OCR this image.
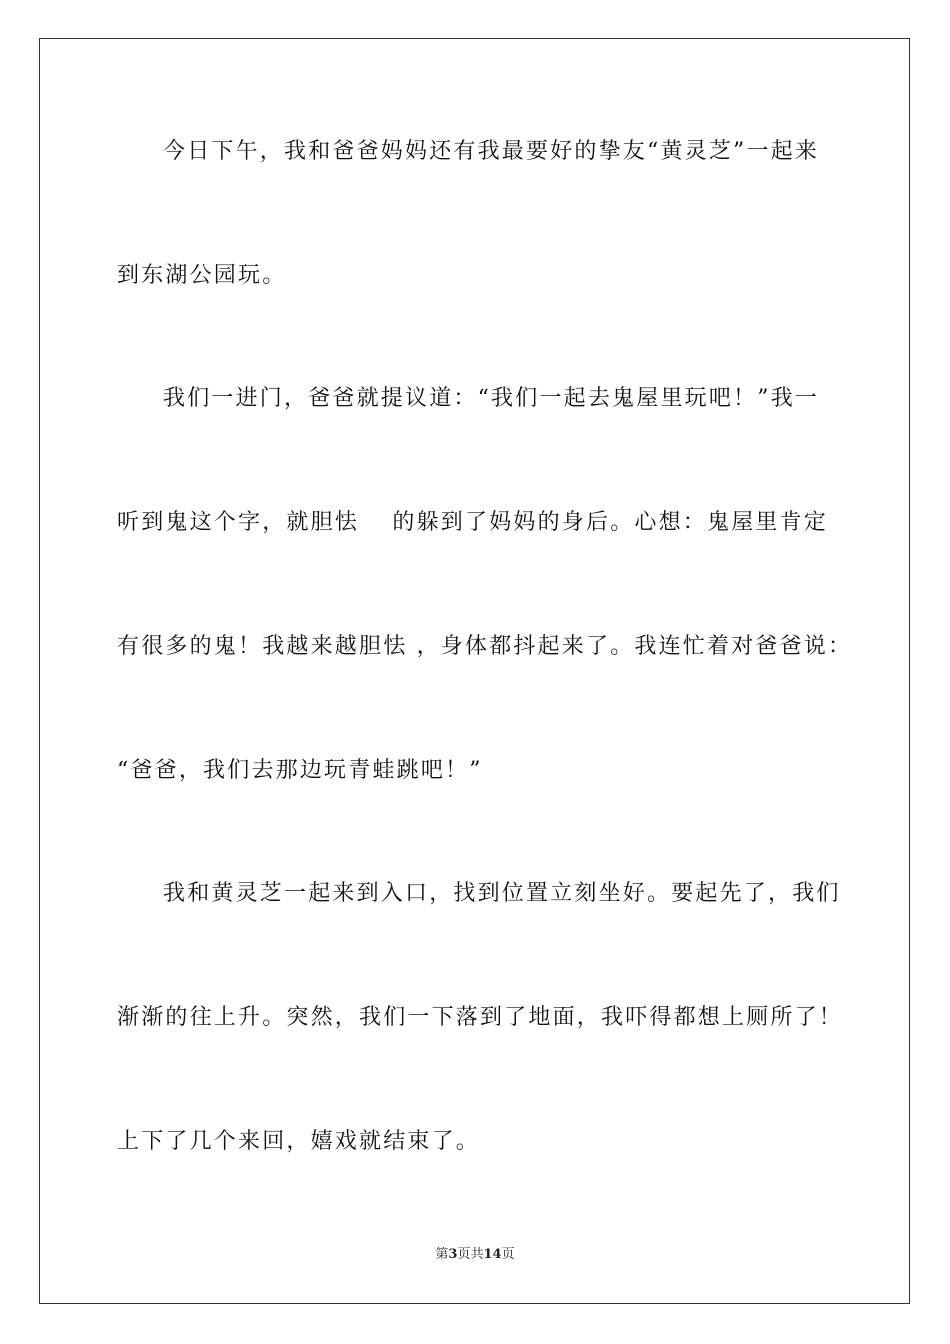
今日下午，我和爸爸妈妈还有我最要好的挚友“黄灵芝”一起来
到东湖公园玩。
我们一进门，爸爸就提议道：“我们一起去鬼屋里玩吧！”我一
听到鬼这个字，就胆怯　 的躲到了妈妈的身后。心想：鬼屋里肯定
有很多的鬼！我越来越胆怯 ，身体都抖起来了。我连忙着对爸爸说：
“爸爸，我们去那边玩青蛙跳吧！”
我和黄灵芝一起来到入口，找到位置立刻坐好。要起先了，我们
渐渐的往上升。突然，我们一下落到了地面，我吓得都想上厕所了！
上下了几个来回，嬉戏就结束了。
第3页共14页
